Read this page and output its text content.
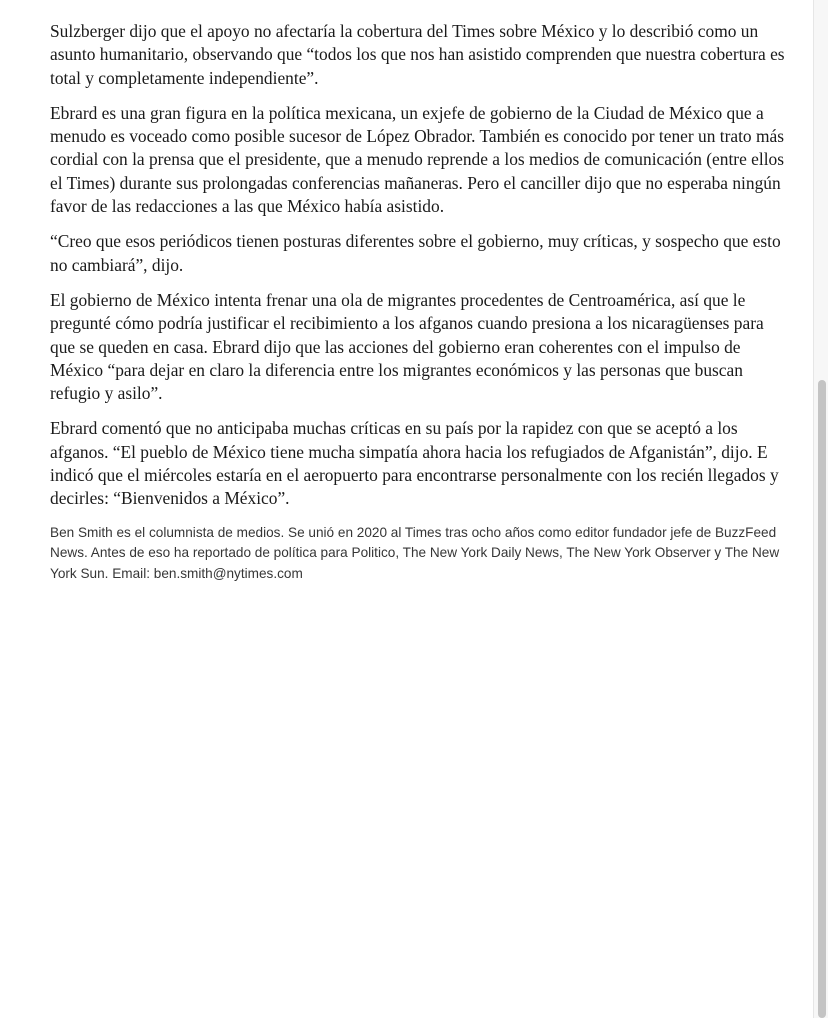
Sulzberger dijo que el apoyo no afectaría la cobertura del Times sobre México y lo describió como un asunto humanitario, observando que “todos los que nos han asistido comprenden que nuestra cobertura es total y completamente independiente”.

Ebrard es una gran figura en la política mexicana, un exjefe de gobierno de la Ciudad de México que a menudo es voceado como posible sucesor de López Obrador. También es conocido por tener un trato más cordial con la prensa que el presidente, que a menudo reprende a los medios de comunicación (entre ellos el Times) durante sus prolongadas conferencias mañaneras. Pero el canciller dijo que no esperaba ningún favor de las redacciones a las que México había asistido.

“Creo que esos periódicos tienen posturas diferentes sobre el gobierno, muy críticas, y sospecho que esto no cambiará”, dijo.

El gobierno de México intenta frenar una ola de migrantes procedentes de Centroamérica, así que le pregunté cómo podría justificar el recibimiento a los afganos cuando presiona a los nicaragüenses para que se queden en casa. Ebrard dijo que las acciones del gobierno eran coherentes con el impulso de México “para dejar en claro la diferencia entre los migrantes económicos y las personas que buscan refugio y asilo”.

Ebrard comentó que no anticipaba muchas críticas en su país por la rapidez con que se aceptó a los afganos. “El pueblo de México tiene mucha simpatía ahora hacia los refugiados de Afganistán”, dijo. E indicó que el miércoles estaría en el aeropuerto para encontrarse personalmente con los recién llegados y decirles: “Bienvenidos a México”.

Ben Smith es el columnista de medios. Se unió en 2020 al Times tras ocho años como editor fundador jefe de BuzzFeed News. Antes de eso ha reportado de política para Politico, The New York Daily News, The New York Observer y The New York Sun. Email: ben.smith@nytimes.com
